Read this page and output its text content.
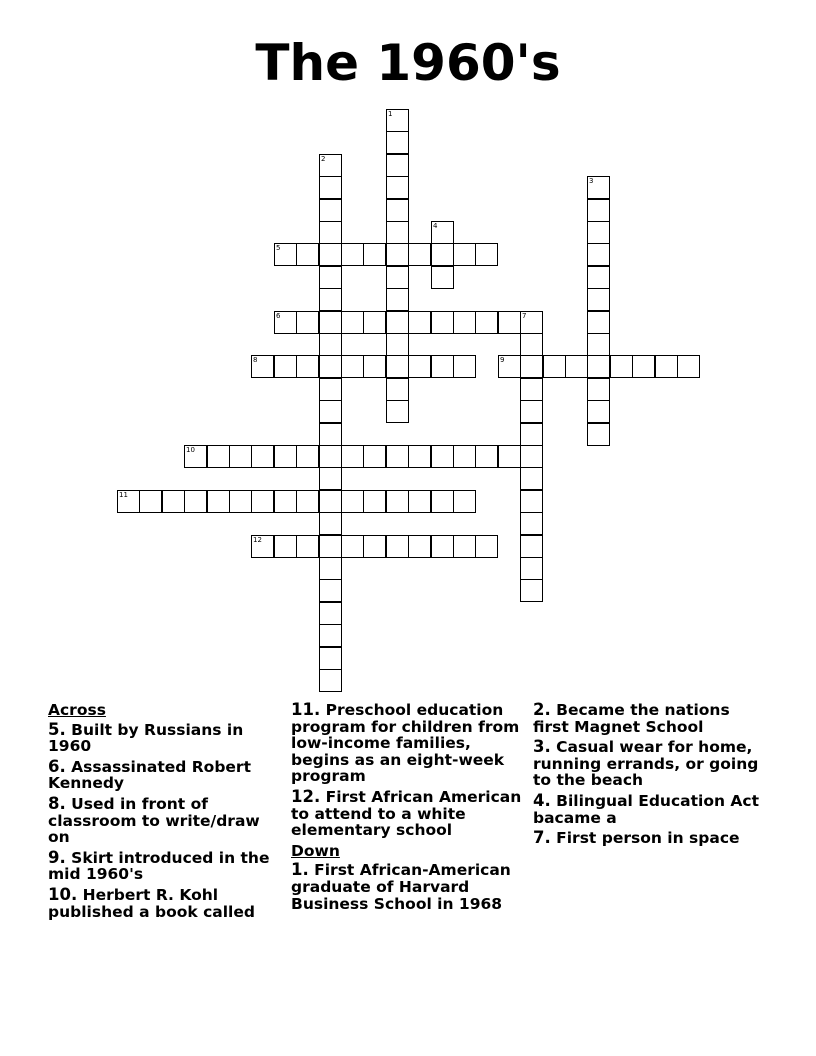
The 1960's
1
2
3
4
5
6	7
8	9
10
11
12

Across

5. Built by Russians in 1960

6. Assassinated Robert Kennedy

8. Used in front of classroom to write/draw on

9. Skirt introduced in the mid 1960's

10. Herbert R. Kohl published a book called

11. Preschool education program for children from low-income families, begins as an eight-week program

12. First African American to attend to a white elementary school

Down

1. First African-American graduate of Harvard Business School in 1968

2. Became the nations first Magnet School

3. Casual wear for home, running errands, or going to the beach

4. Bilingual Education Act bacame a

7. First person in space
